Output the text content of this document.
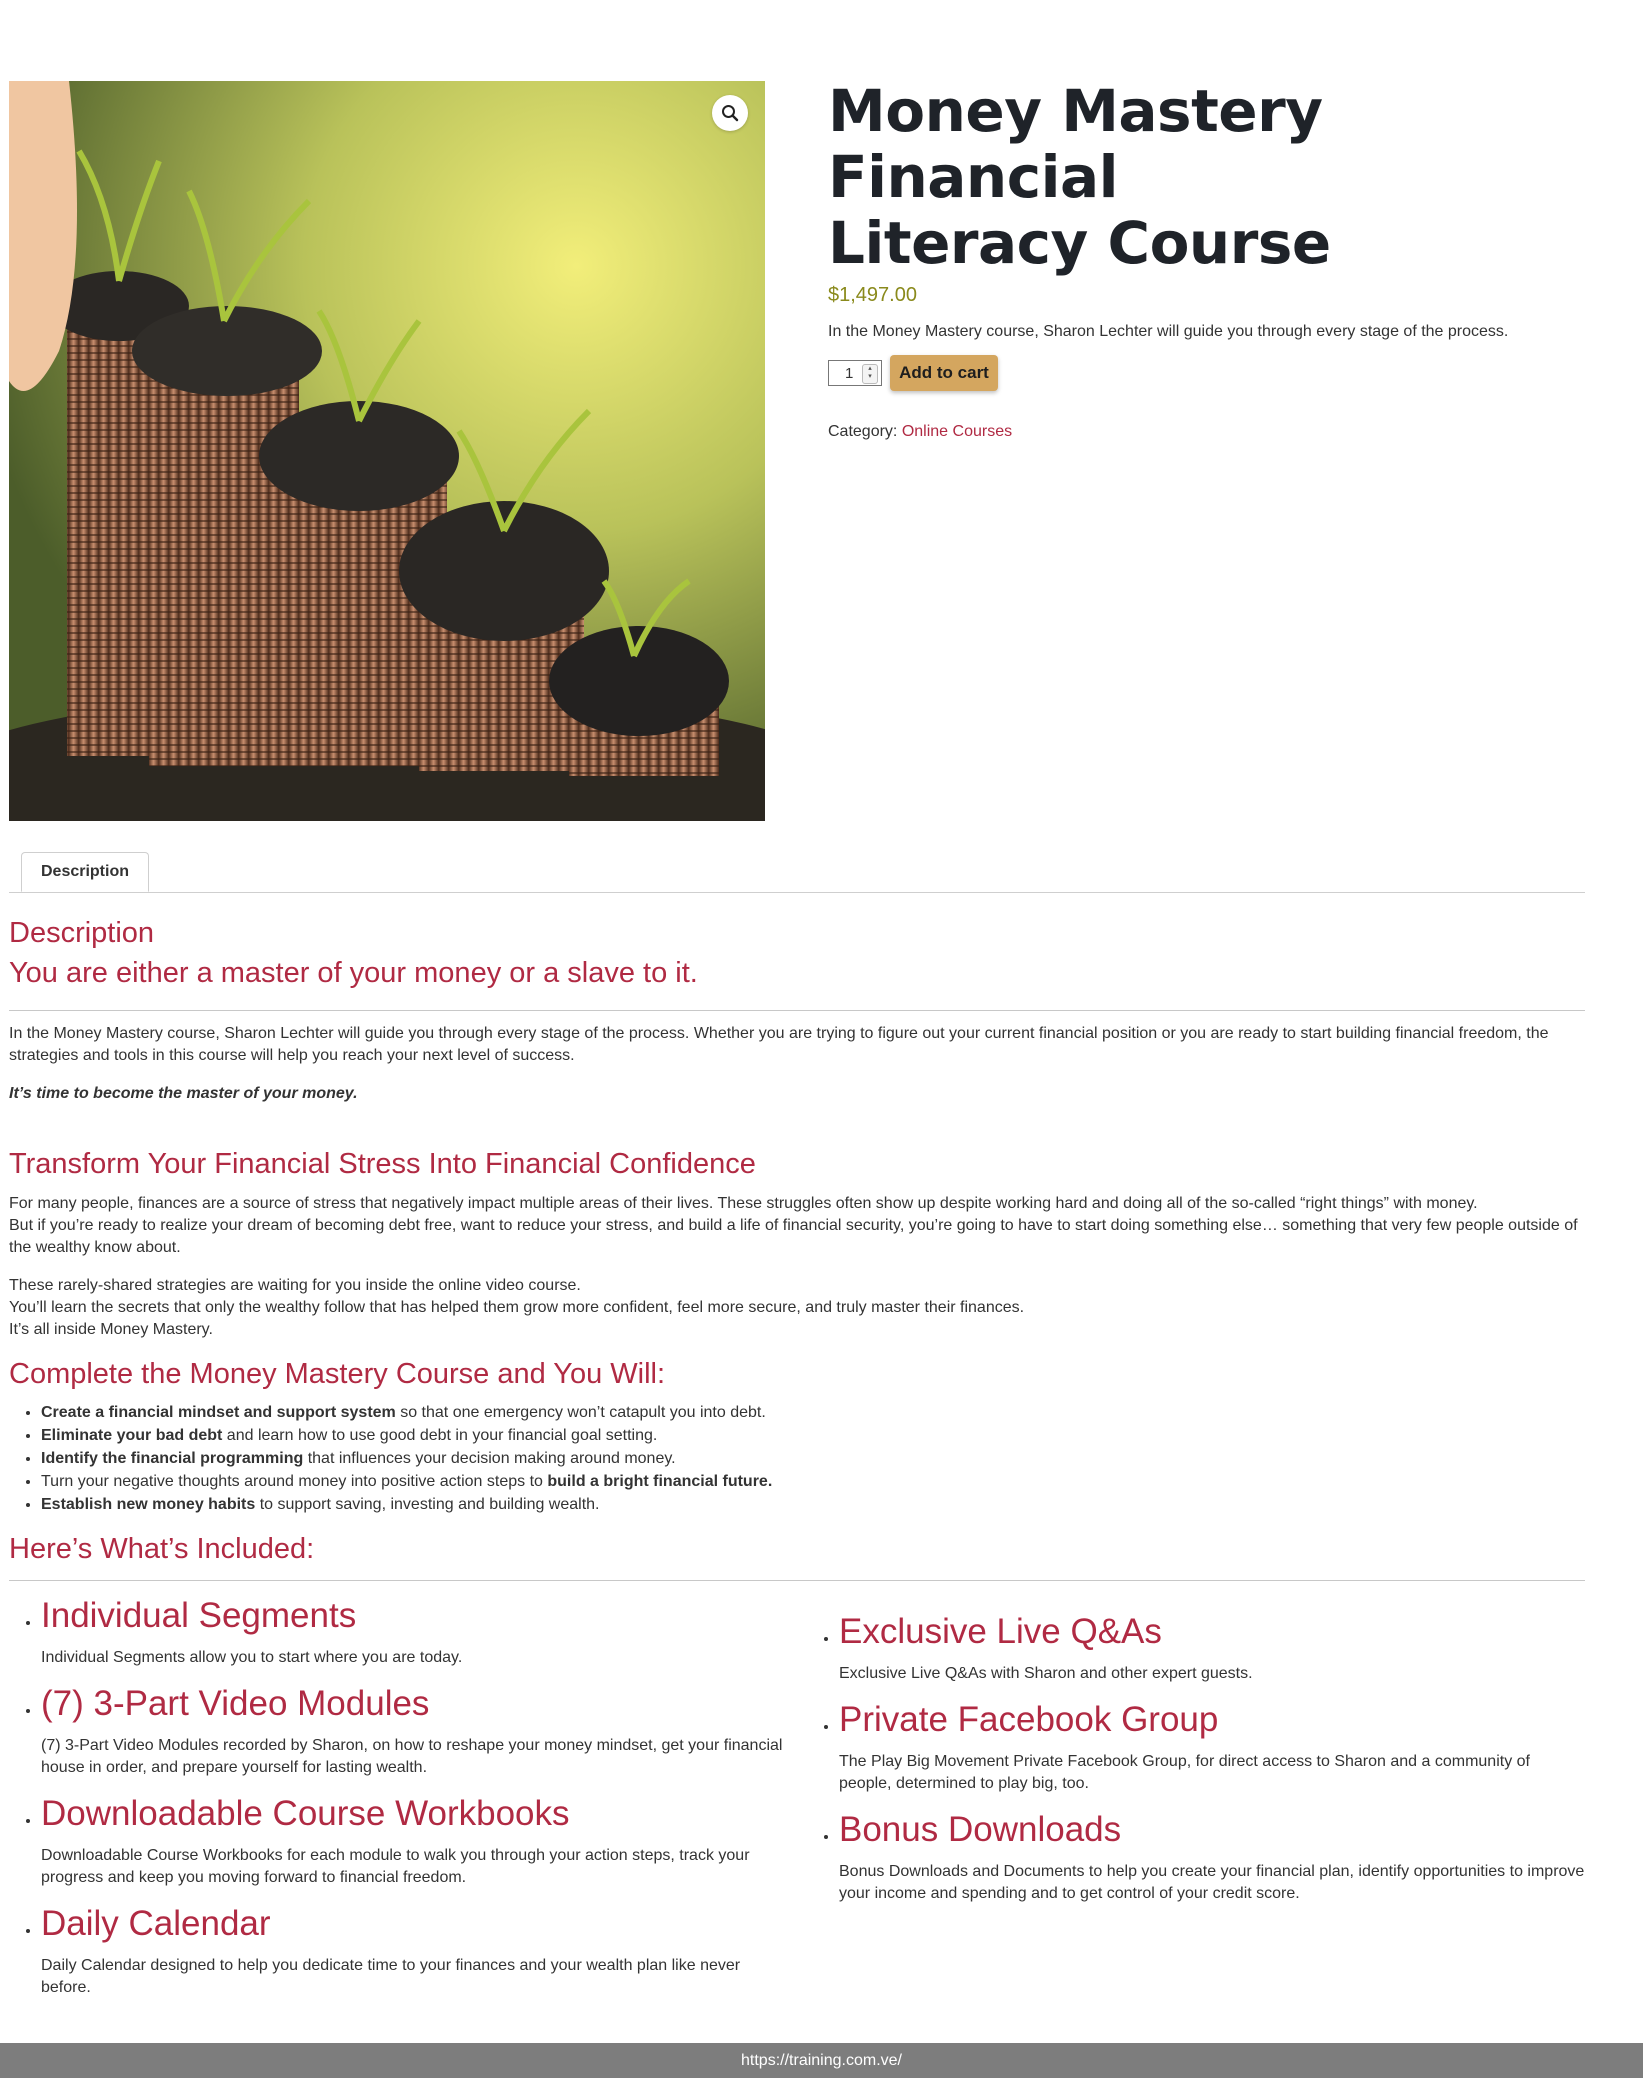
Money Mastery Financial
Literacy Course
$1,497.00
In the Money Mastery course, Sharon Lechter will guide you through every stage of the process.
1	▴
▾	Add to cart
Category: Online Courses
Description
Description
You are either a master of your money or a slave to it.

In the Money Mastery course, Sharon Lechter will guide you through every stage of the process. Whether you are trying to figure out your current financial position or you are ready to start building financial freedom, the strategies and tools in this course will help you reach your next level of success.

It’s time to become the master of your money.

Transform Your Financial Stress Into Financial Confidence

For many people, finances are a source of stress that negatively impact multiple areas of their lives. These struggles often show up despite working hard and doing all of the so-called “right things” with money.

But if you’re ready to realize your dream of becoming debt free, want to reduce your stress, and build a life of financial security, you’re going to have to start doing something else… something that very few people outside of the wealthy know about.

These rarely-shared strategies are waiting for you inside the online video course.

You’ll learn the secrets that only the wealthy follow that has helped them grow more confident, feel more secure, and truly master their finances.

It’s all inside Money Mastery.

Complete the Money Mastery Course and You Will:
• Create a financial mindset and support system so that one emergency won’t catapult you into debt.
• Eliminate your bad debt and learn how to use good debt in your financial goal setting.
• Identify the financial programming that influences your decision making around money.
• Turn your negative thoughts around money into positive action steps to build a bright financial future.
• Establish new money habits to support saving, investing and building wealth.
Here’s What’s Included:
• Individual Segments

Individual Segments allow you to start where you are today.

• (7) 3-Part Video Modules

(7) 3-Part Video Modules recorded by Sharon, on how to reshape your money mindset, get your financial house in order, and prepare yourself for lasting wealth.

• Downloadable Course Workbooks

Downloadable Course Workbooks for each module to walk you through your action steps, track your progress and keep you moving forward to financial freedom.

• Daily Calendar

Daily Calendar designed to help you dedicate time to your finances and your wealth plan like never before.

• Exclusive Live Q&As

Exclusive Live Q&As with Sharon and other expert guests.

• Private Facebook Group

The Play Big Movement Private Facebook Group, for direct access to Sharon and a community of people, determined to play big, too.

• Bonus Downloads

Bonus Downloads and Documents to help you create your financial plan, identify opportunities to improve your income and spending and to get control of your credit score.

https://training.com.ve/
